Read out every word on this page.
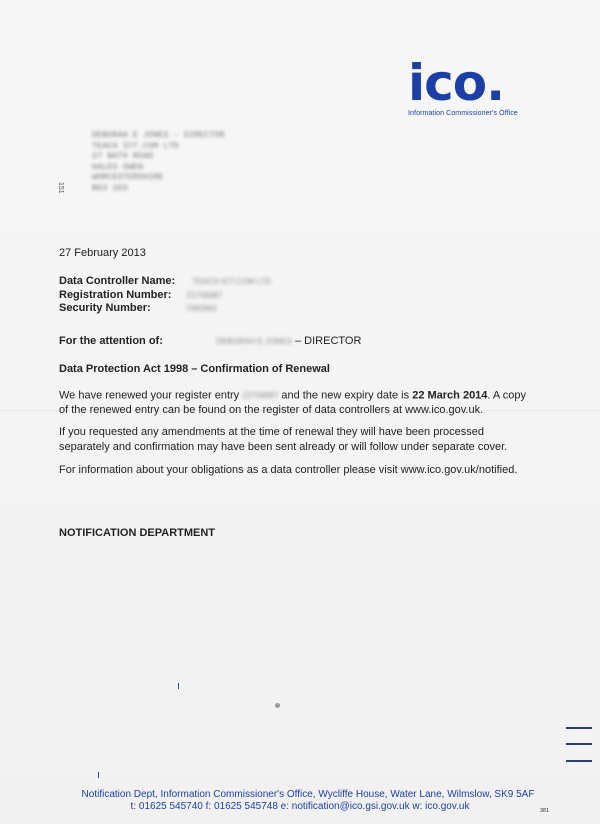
ico.
Information Commissioner's Office
DEBORAH E JONES - DIRECTOR
TEACH ICT.COM LTD
27 BATH ROAD
HALES OWEN
WORCESTERSHIRE
B63 1EG
151
27 February 2013
Data Controller Name: TEACH ICT.COM LTD
Registration Number: Z2706987
Security Number:	7060962
For the attention of:	DEBORAH E JONES – DIRECTOR
Data Protection Act 1998 – Confirmation of Renewal
We have renewed your register entry Z2706987 and the new expiry date is 22 March 2014. A copy of the renewed entry can be found on the register of data controllers at www.ico.gov.uk.
If you requested any amendments at the time of renewal they will have been processed separately and confirmation may have been sent already or will follow under separate cover.
For information about your obligations as a data controller please visit www.ico.gov.uk/notified.
NOTIFICATION DEPARTMENT
Notification Dept, Information Commissioner's Office, Wycliffe House, Water Lane, Wilmslow, SK9 5AF
t: 01625 545740 f: 01625 545748 e: notification@ico.gsi.gov.uk w: ico.gov.uk	381
